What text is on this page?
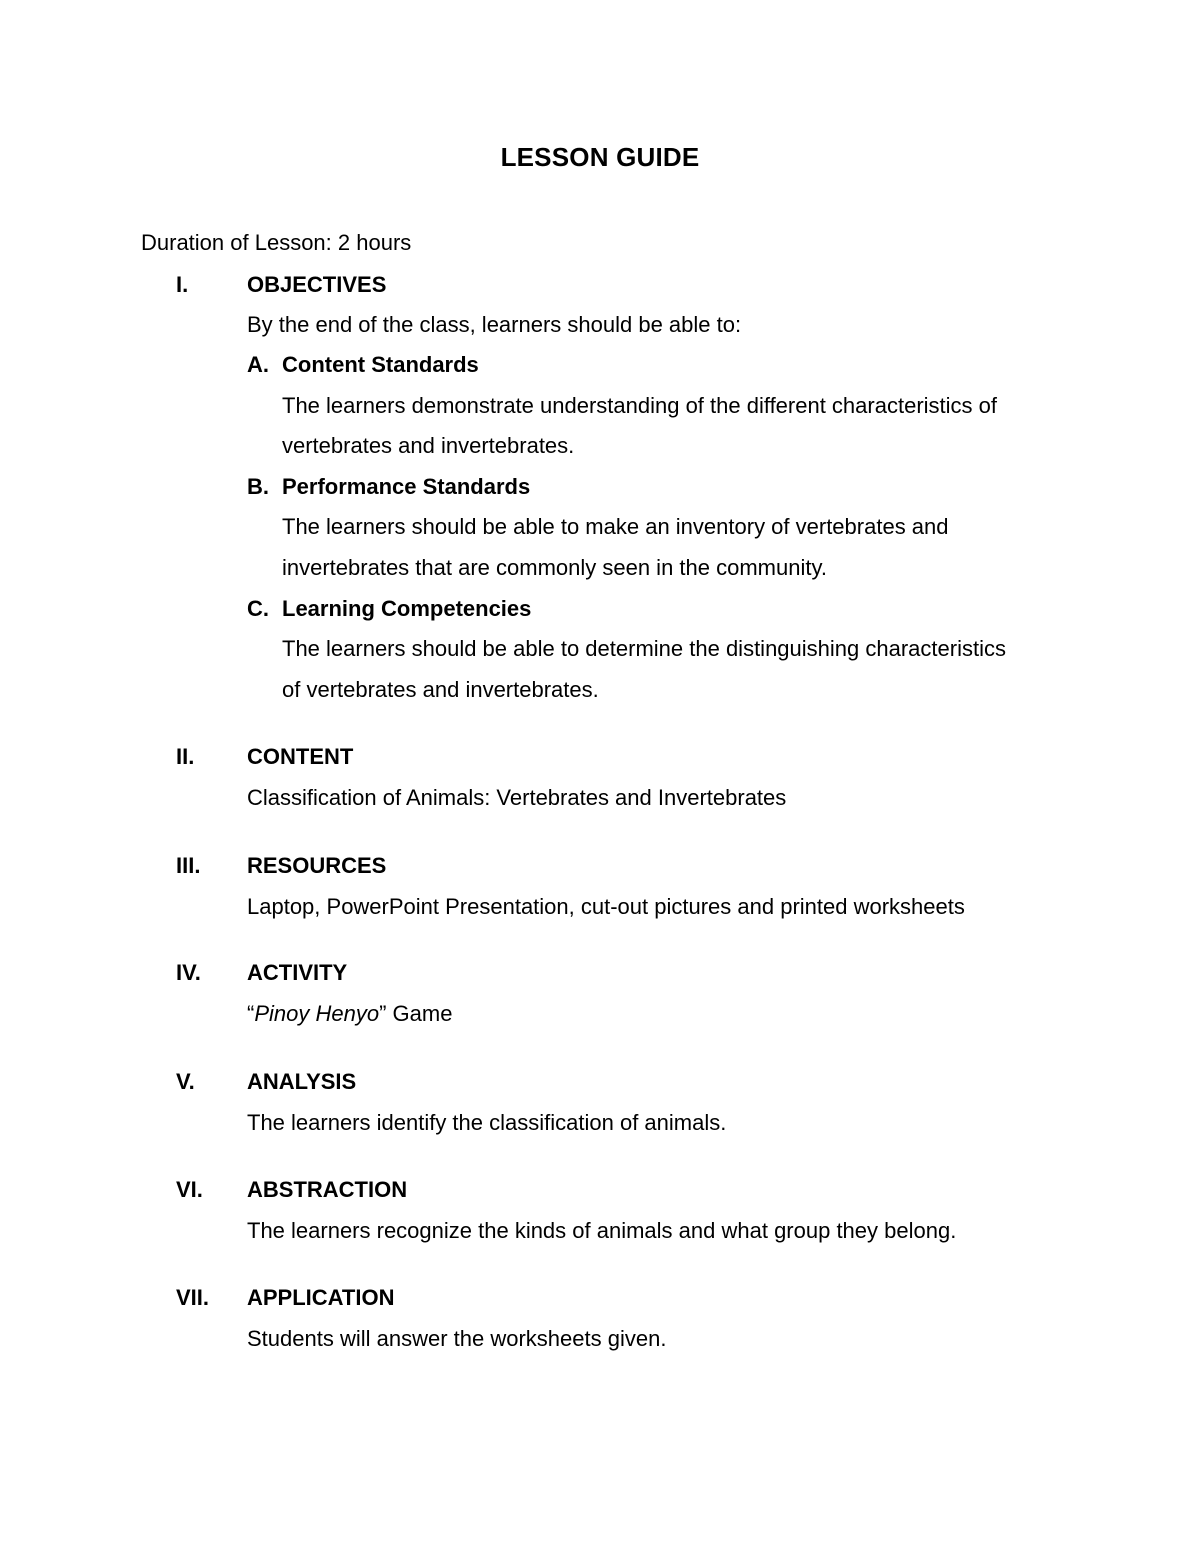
LESSON GUIDE
Duration of Lesson: 2 hours
I.	OBJECTIVES
By the end of the class, learners should be able to:
A. Content Standards
The learners demonstrate understanding of the different characteristics of
vertebrates and invertebrates.
B. Performance Standards
The learners should be able to make an inventory of vertebrates and
invertebrates that are commonly seen in the community.
C. Learning Competencies
The learners should be able to determine the distinguishing characteristics
of vertebrates and invertebrates.
II. CONTENT
Classification of Animals: Vertebrates and Invertebrates
III. RESOURCES
Laptop, PowerPoint Presentation, cut-out pictures and printed worksheets
IV. ACTIVITY
“Pinoy Henyo” Game
V. ANALYSIS
The learners identify the classification of animals.
VI. ABSTRACTION
The learners recognize the kinds of animals and what group they belong.
VII. APPLICATION
Students will answer the worksheets given.
